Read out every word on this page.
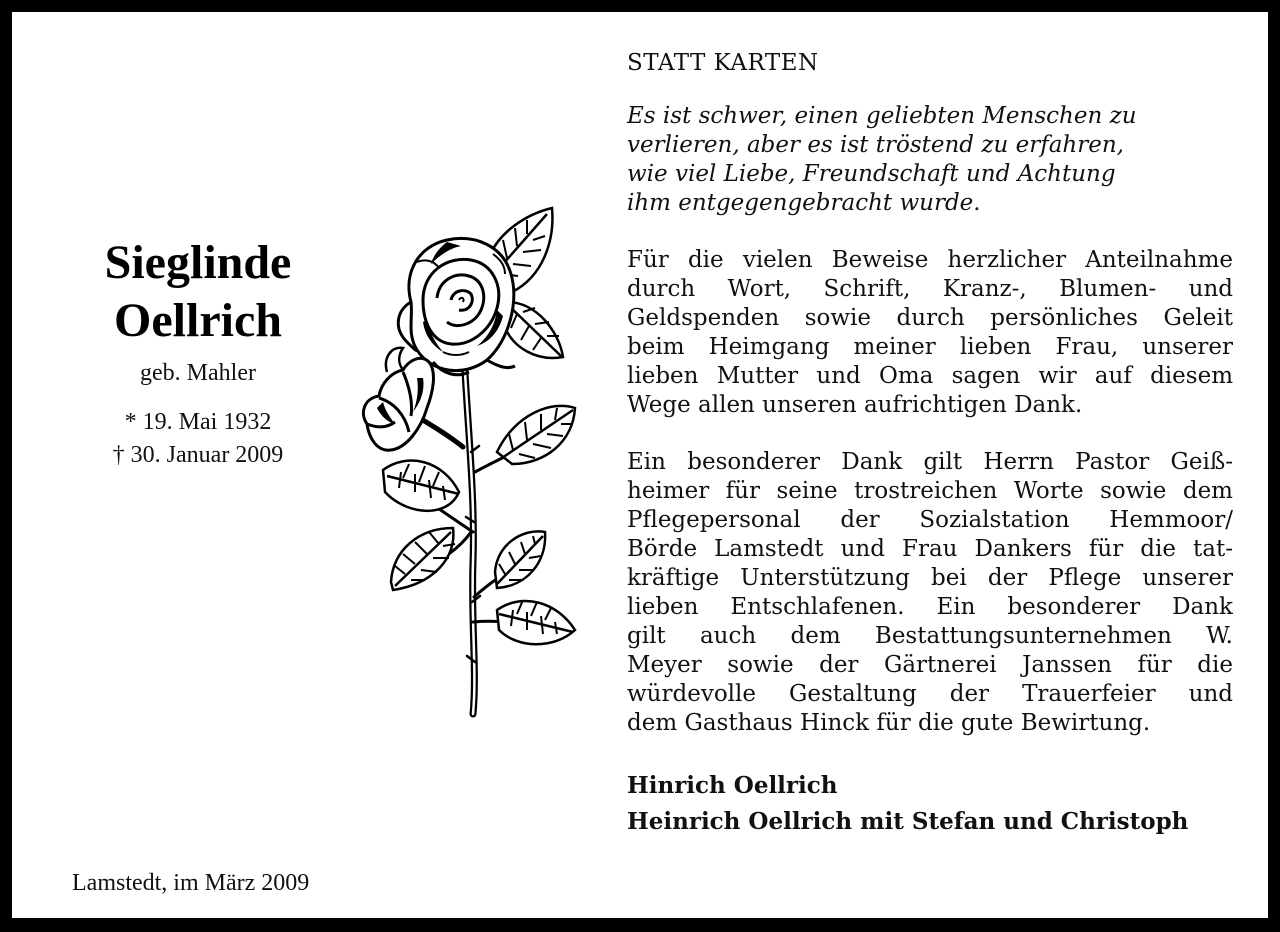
Sieglinde

Oellrich

geb. Mahler
* 19. Mai 1932
† 30. Januar 2009

STATT KARTEN

Es ist schwer, einen geliebten Menschen zu
verlieren, aber es ist tröstend zu erfahren,
wie viel Liebe, Freundschaft und Achtung
ihm entgegengebracht wurde.
Für die vielen Beweise herzlicher Anteilnahme
durch Wort, Schrift, Kranz-, Blumen- und
Geldspenden sowie durch persönliches Geleit
beim Heimgang meiner lieben Frau, unserer
lieben Mutter und Oma sagen wir auf diesem
Wege allen unseren aufrichtigen Dank.
Ein besonderer Dank gilt Herrn Pastor Geiß-
heimer für seine trostreichen Worte sowie dem
Pflegepersonal der Sozialstation Hemmoor/
Börde Lamstedt und Frau Dankers für die tat-
kräftige Unterstützung bei der Pflege unserer
lieben Entschlafenen. Ein besonderer Dank
gilt auch dem Bestattungsunternehmen W.
Meyer sowie der Gärtnerei Janssen für die
würdevolle Gestaltung der Trauerfeier und
dem Gasthaus Hinck für die gute Bewirtung.
Hinrich Oellrich
Heinrich Oellrich mit Stefan und Christoph
Lamstedt, im März 2009
